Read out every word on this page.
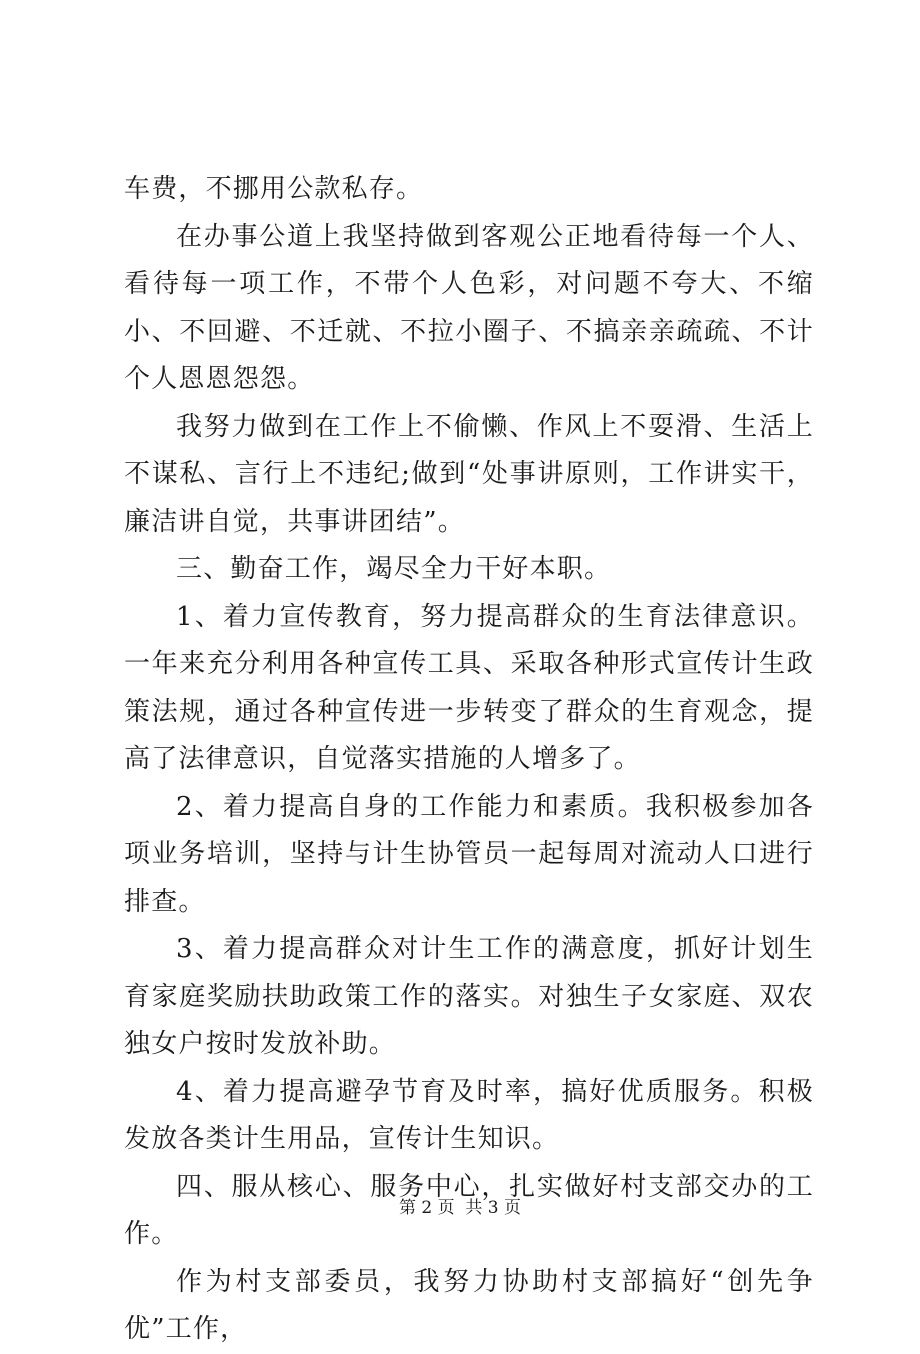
车费，不挪用公款私存。

在办事公道上我坚持做到客观公正地看待每一个人、看待每一项工作，不带个人色彩，对问题不夸大、不缩小、不回避、不迁就、不拉小圈子、不搞亲亲疏疏、不计个人恩恩怨怨。

我努力做到在工作上不偷懒、作风上不耍滑、生活上不谋私、言行上不违纪;做到“处事讲原则，工作讲实干，廉洁讲自觉，共事讲团结”。

三、勤奋工作，竭尽全力干好本职。

1、着力宣传教育，努力提高群众的生育法律意识。一年来充分利用各种宣传工具、采取各种形式宣传计生政策法规，通过各种宣传进一步转变了群众的生育观念，提高了法律意识，自觉落实措施的人增多了。

2、着力提高自身的工作能力和素质。我积极参加各项业务培训，坚持与计生协管员一起每周对流动人口进行排查。

3、着力提高群众对计生工作的满意度，抓好计划生育家庭奖励扶助政策工作的落实。对独生子女家庭、双农独女户按时发放补助。

4、着力提高避孕节育及时率，搞好优质服务。积极发放各类计生用品，宣传计生知识。

四、服从核心、服务中心，扎实做好村支部交办的工作。

作为村支部委员，我努力协助村支部搞好“创先争优”工作，

第 2 页  共 3 页
